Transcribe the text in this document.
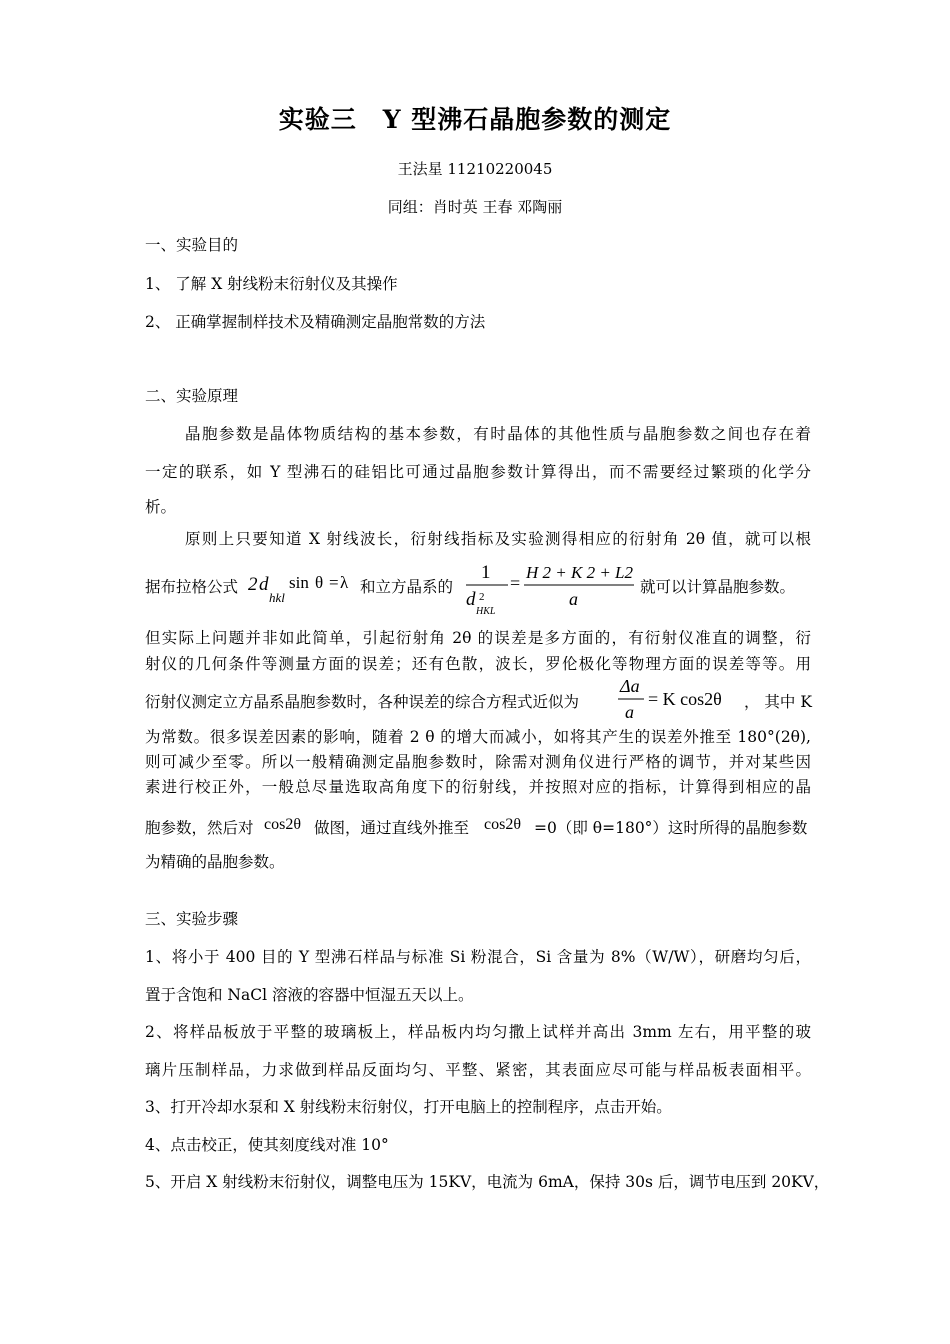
实验三　Y 型沸石晶胞参数的测定
王法星 11210220045
同组：肖时英 王春 邓陶丽
一、实验目的
1、 了解 X 射线粉末衍射仪及其操作
2、 正确掌握制样技术及精确测定晶胞常数的方法
二、实验原理
晶胞参数是晶体物质结构的基本参数，有时晶体的其他性质与晶胞参数之间也存在着
一定的联系，如 Y 型沸石的硅铝比可通过晶胞参数计算得出，而不需要经过繁琐的化学分
析。
原则上只要知道 X 射线波长，衍射线指标及实验测得相应的衍射角 2θ 值，就可以根
据布拉格公式 2 d
hkl
sin θ = λ 和立方晶系的
1
d 2
HKL
=
H 2 + K 2 + L2
a
就可以计算晶胞参数。
但实际上问题并非如此简单，引起衍射角 2θ 的误差是多方面的，有衍射仪准直的调整，衍
射仪的几何条件等测量方面的误差；还有色散，波长，罗伦极化等物理方面的误差等等。用
衍射仪测定立方晶系晶胞参数时，各种误差的综合方程式近似为
Δa
a
= K cos2θ ， 其中 K
为常数。很多误差因素的影响，随着 2 θ 的增大而减小，如将其产生的误差外推至 180°(2θ),
则可减少至零。所以一般精确测定晶胞参数时，除需对测角仪进行严格的调节，并对某些因
素进行校正外，一般总尽量选取高角度下的衍射线，并按照对应的指标，计算得到相应的晶
胞参数，然后对 cos2θ 做图，通过直线外推至 cos2θ =0（即 θ=180°）这时所得的晶胞参数
为精确的晶胞参数。
三、实验步骤
1、将小于 400 目的 Y 型沸石样品与标准 Si 粉混合，Si 含量为 8%（W/W），研磨均匀后，
置于含饱和 NaCl 溶液的容器中恒湿五天以上。
2、将样品板放于平整的玻璃板上，样品板内均匀撒上试样并高出 3mm 左右，用平整的玻
璃片压制样品，力求做到样品反面均匀、平整、紧密，其表面应尽可能与样品板表面相平。
3、打开冷却水泵和 X 射线粉末衍射仪，打开电脑上的控制程序，点击开始。
4、点击校正，使其刻度线对准 10°
5、开启 X 射线粉末衍射仪，调整电压为 15KV，电流为 6mA，保持 30s 后，调节电压到 20KV，
